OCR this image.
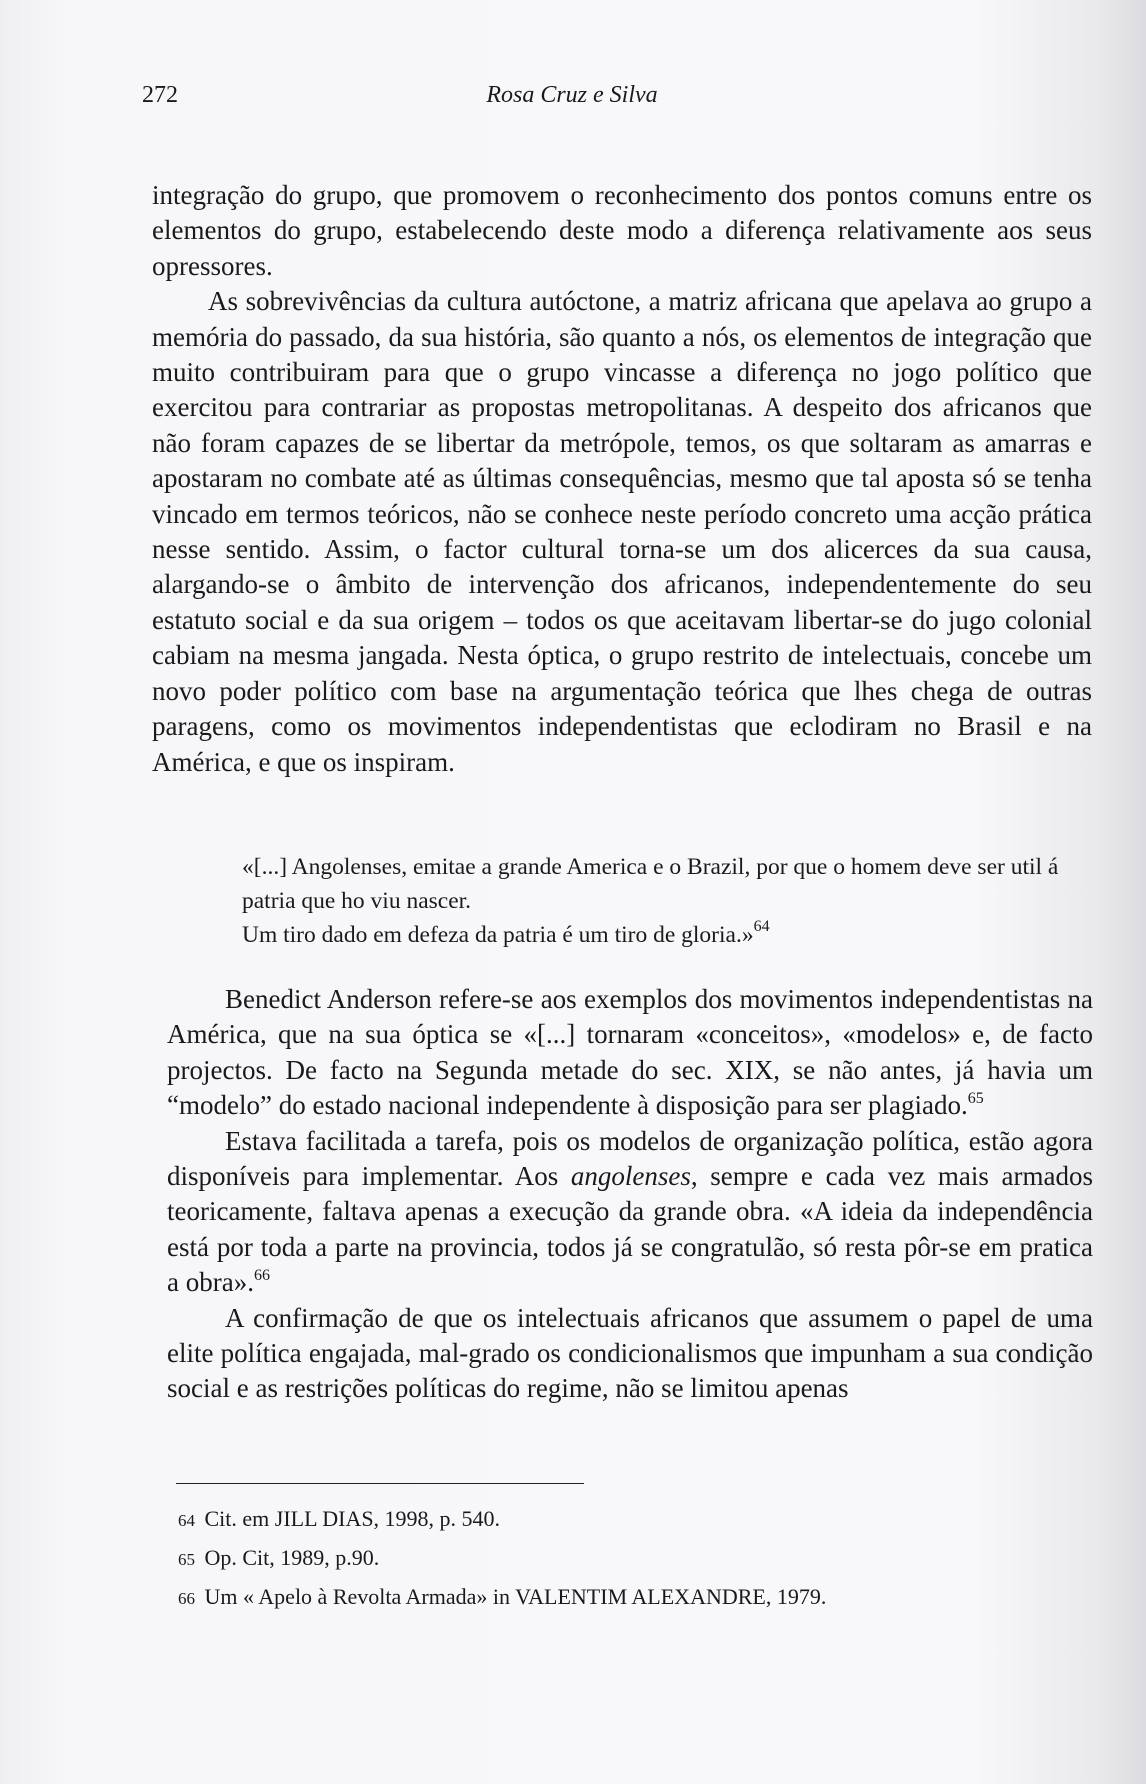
272	Rosa Cruz e Silva

integração do grupo, que promovem o reconhecimento dos pontos comuns entre os elementos do grupo, estabelecendo deste modo a diferença relativamente aos seus opressores.

As sobrevivências da cultura autóctone, a matriz africana que apelava ao grupo a memória do passado, da sua história, são quanto a nós, os elementos de integração que muito contribuiram para que o grupo vincasse a diferença no jogo político que exercitou para contrariar as propostas metropolitanas. A despeito dos africanos que não foram capazes de se libertar da metrópole, temos, os que soltaram as amarras e apostaram no combate até as últimas consequências, mesmo que tal aposta só se tenha vincado em termos teóricos, não se conhece neste período concreto uma acção prática nesse sentido. Assim, o factor cultural torna-se um dos alicerces da sua causa, alargando-se o âmbito de intervenção dos africanos, independentemente do seu estatuto social e da sua origem – todos os que aceitavam libertar-se do jugo colonial cabiam na mesma jangada. Nesta óptica, o grupo restrito de intelectuais, concebe um novo poder político com base na argumentação teórica que lhes chega de outras paragens, como os movimentos independentistas que eclodiram no Brasil e na América, e que os inspiram.

«[...] Angolenses, emitae a grande America e o Brazil, por que o homem deve ser util á patria que ho viu nascer.

Um tiro dado em defeza da patria é um tiro de gloria.»$^{64}$

Benedict Anderson refere-se aos exemplos dos movimentos independentistas na América, que na sua óptica se «[...] tornaram «conceitos», «modelos» e, de facto projectos. De facto na Segunda metade do sec. XIX, se não antes, já havia um “modelo” do estado nacional independente à disposição para ser plagiado.$^{65}$

Estava facilitada a tarefa, pois os modelos de organização política, estão agora disponíveis para implementar. Aos angolenses, sempre e cada vez mais armados teoricamente, faltava apenas a execução da grande obra. «A ideia da independência está por toda a parte na provincia, todos já se congratulão, só resta pôr-se em pratica a obra».$^{66}$

A confirmação de que os intelectuais africanos que assumem o papel de uma elite política engajada, mal-grado os condicionalismos que impunham a sua condição social e as restrições políticas do regime, não se limitou apenas

64 Cit. em JILL DIAS, 1998, p. 540.
65 Op. Cit, 1989, p.90.
66 Um « Apelo à Revolta Armada» in VALENTIM ALEXANDRE, 1979.
